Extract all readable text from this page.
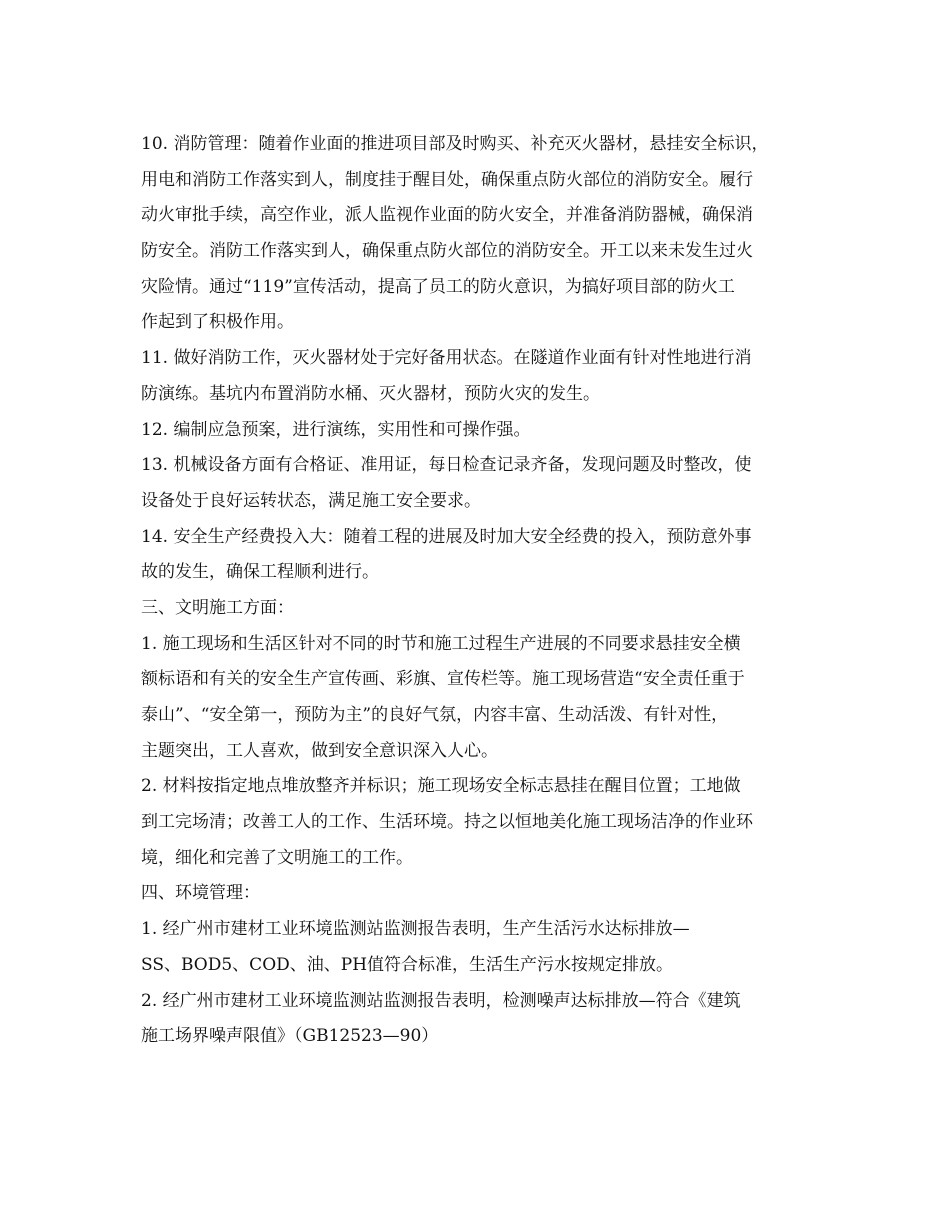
10. 消防管理：随着作业面的推进项目部及时购买、补充灭火器材，悬挂安全标识，
用电和消防工作落实到人，制度挂于醒目处，确保重点防火部位的消防安全。履行
动火审批手续，高空作业，派人监视作业面的防火安全，并准备消防器械，确保消
防安全。消防工作落实到人，确保重点防火部位的消防安全。开工以来未发生过火
灾险情。通过“119”宣传活动，提高了员工的防火意识，为搞好项目部的防火工
作起到了积极作用。
11. 做好消防工作，灭火器材处于完好备用状态。在隧道作业面有针对性地进行消
防演练。基坑内布置消防水桶、灭火器材，预防火灾的发生。
12. 编制应急预案，进行演练，实用性和可操作强。
13. 机械设备方面有合格证、准用证，每日检查记录齐备，发现问题及时整改，使
设备处于良好运转状态，满足施工安全要求。
14. 安全生产经费投入大：随着工程的进展及时加大安全经费的投入，预防意外事
故的发生，确保工程顺利进行。
三、文明施工方面：
1. 施工现场和生活区针对不同的时节和施工过程生产进展的不同要求悬挂安全横
额标语和有关的安全生产宣传画、彩旗、宣传栏等。施工现场营造“安全责任重于
泰山”、“安全第一，预防为主”的良好气氛，内容丰富、生动活泼、有针对性，
主题突出，工人喜欢，做到安全意识深入人心。
2. 材料按指定地点堆放整齐并标识；施工现场安全标志悬挂在醒目位置；工地做
到工完场清；改善工人的工作、生活环境。持之以恒地美化施工现场洁净的作业环
境，细化和完善了文明施工的工作。
四、环境管理：
1. 经广州市建材工业环境监测站监测报告表明，生产生活污水达标排放—
SS、BOD5、COD、油、PH值符合标准，生活生产污水按规定排放。
2. 经广州市建材工业环境监测站监测报告表明，检测噪声达标排放—符合《建筑
施工场界噪声限值》（GB12523—90）
